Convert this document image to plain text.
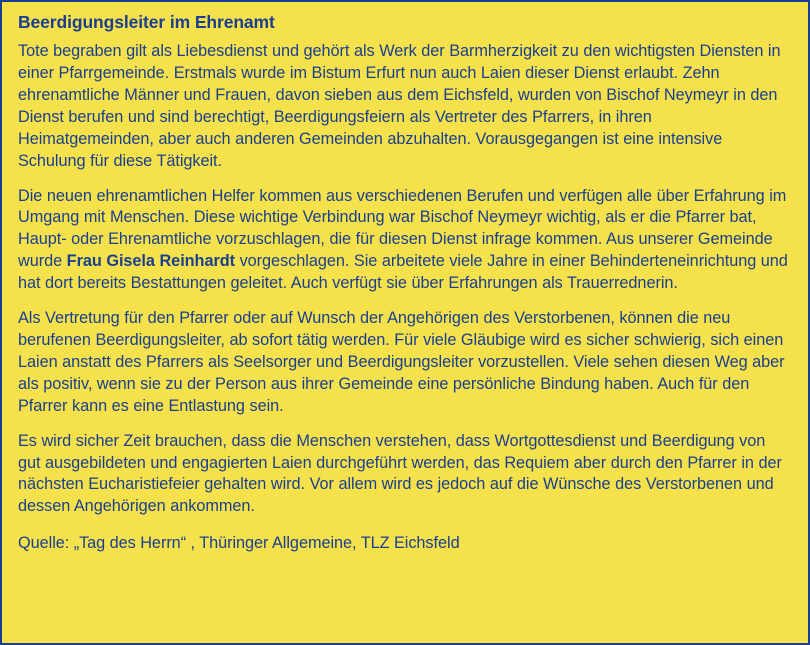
Beerdigungsleiter im Ehrenamt

Tote begraben gilt als Liebesdienst und gehört als Werk der Barmherzigkeit zu den wichtigsten Diensten in einer Pfarrgemeinde. Erstmals wurde im Bistum Erfurt nun auch Laien dieser Dienst erlaubt. Zehn ehrenamtliche Männer und Frauen, davon sieben aus dem Eichsfeld, wurden von Bischof Neymeyr in den Dienst berufen und sind berechtigt, Beerdigungsfeiern als Vertreter des Pfarrers, in ihren Heimatgemeinden, aber auch anderen Gemeinden abzuhalten. Vorausgegangen ist eine intensive Schulung für diese Tätigkeit.

Die neuen ehrenamtlichen Helfer kommen aus verschiedenen Berufen und verfügen alle über Erfahrung im Umgang mit Menschen. Diese wichtige Verbindung war Bischof Neymeyr wichtig, als er die Pfarrer bat, Haupt- oder Ehrenamtliche vorzuschlagen, die für diesen Dienst infrage kommen. Aus unserer Gemeinde wurde Frau Gisela Reinhardt vorgeschlagen. Sie arbeitete viele Jahre in einer Behinderteneinrichtung und hat dort bereits Bestattungen geleitet. Auch verfügt sie über Erfahrungen als Trauerrednerin.

Als Vertretung für den Pfarrer oder auf Wunsch der Angehörigen des Verstorbenen, können die neu berufenen Beerdigungsleiter, ab sofort tätig werden. Für viele Gläubige wird es sicher schwierig, sich einen Laien anstatt des Pfarrers als Seelsorger und Beerdigungsleiter vorzustellen. Viele sehen diesen Weg aber als positiv, wenn sie zu der Person aus ihrer Gemeinde eine persönliche Bindung haben. Auch für den Pfarrer kann es eine Entlastung sein.

Es wird sicher Zeit brauchen, dass die Menschen verstehen, dass Wortgottesdienst und Beerdigung von gut ausgebildeten und engagierten Laien durchgeführt werden, das Requiem aber durch den Pfarrer in der nächsten Eucharistiefeier gehalten wird. Vor allem wird es jedoch auf die Wünsche des Verstorbenen und dessen Angehörigen ankommen.

Quelle: „Tag des Herrn“ , Thüringer Allgemeine, TLZ Eichsfeld
